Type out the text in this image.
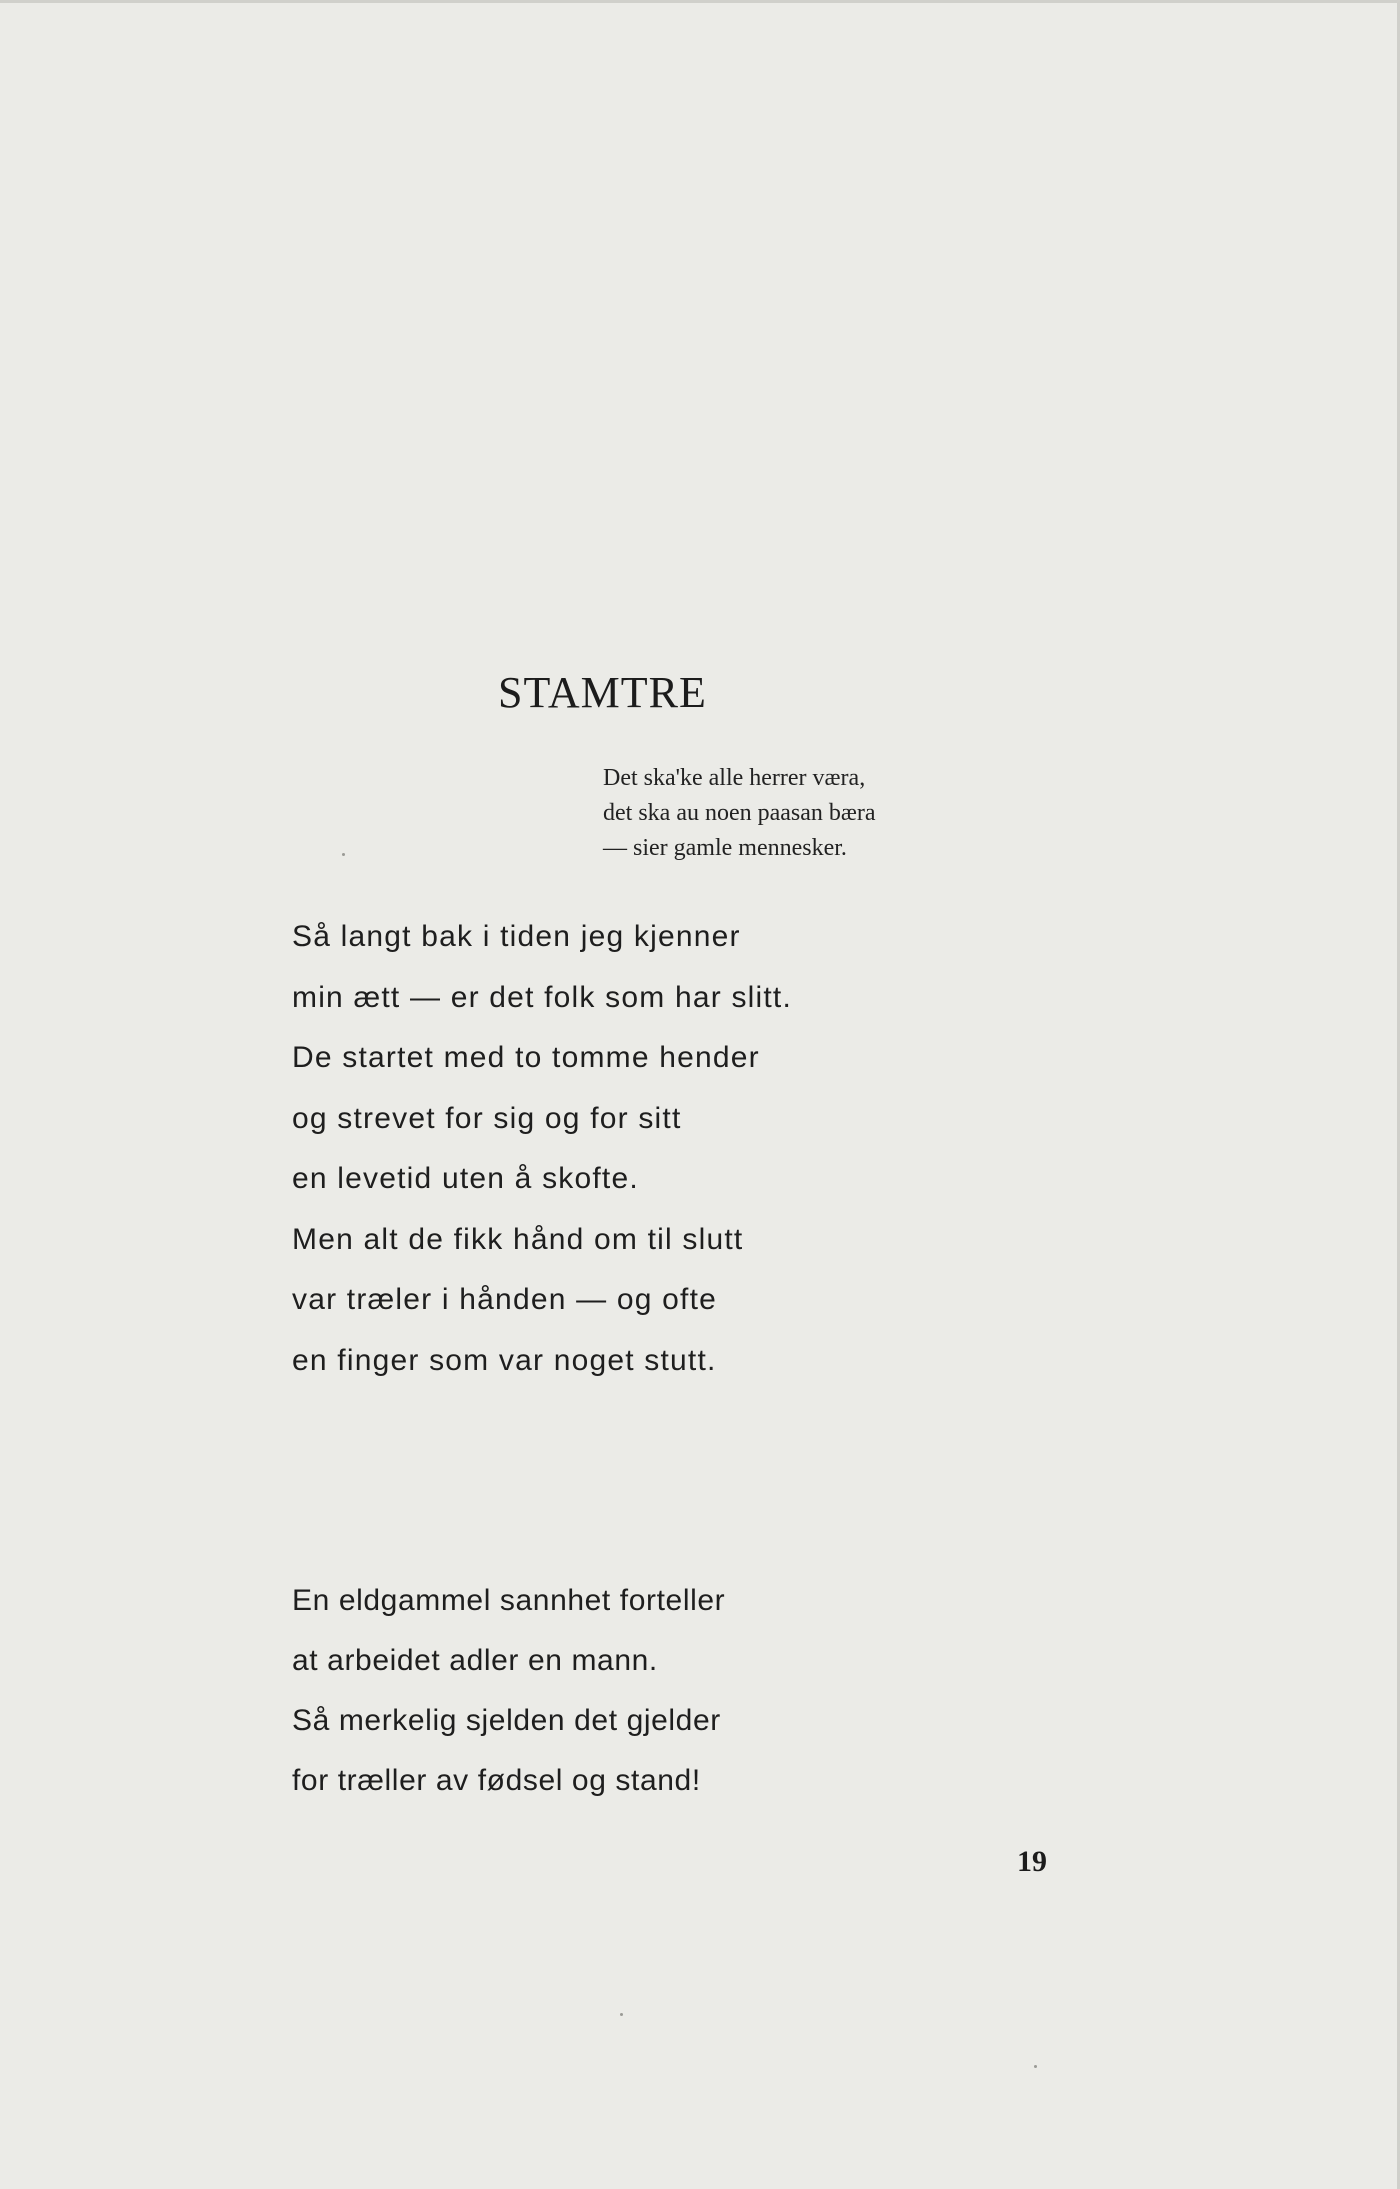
STAMTRE
Det ska'ke alle herrer væra,
det ska au noen paasan bæra
— sier gamle mennesker.
Så langt bak i tiden jeg kjenner
min ætt — er det folk som har slitt.
De startet med to tomme hender
og strevet for sig og for sitt
en levetid uten å skofte.
Men alt de fikk hånd om til slutt
var træler i hånden — og ofte
en finger som var noget stutt.
En eldgammel sannhet forteller
at arbeidet adler en mann.
Så merkelig sjelden det gjelder
for træller av fødsel og stand!
19
